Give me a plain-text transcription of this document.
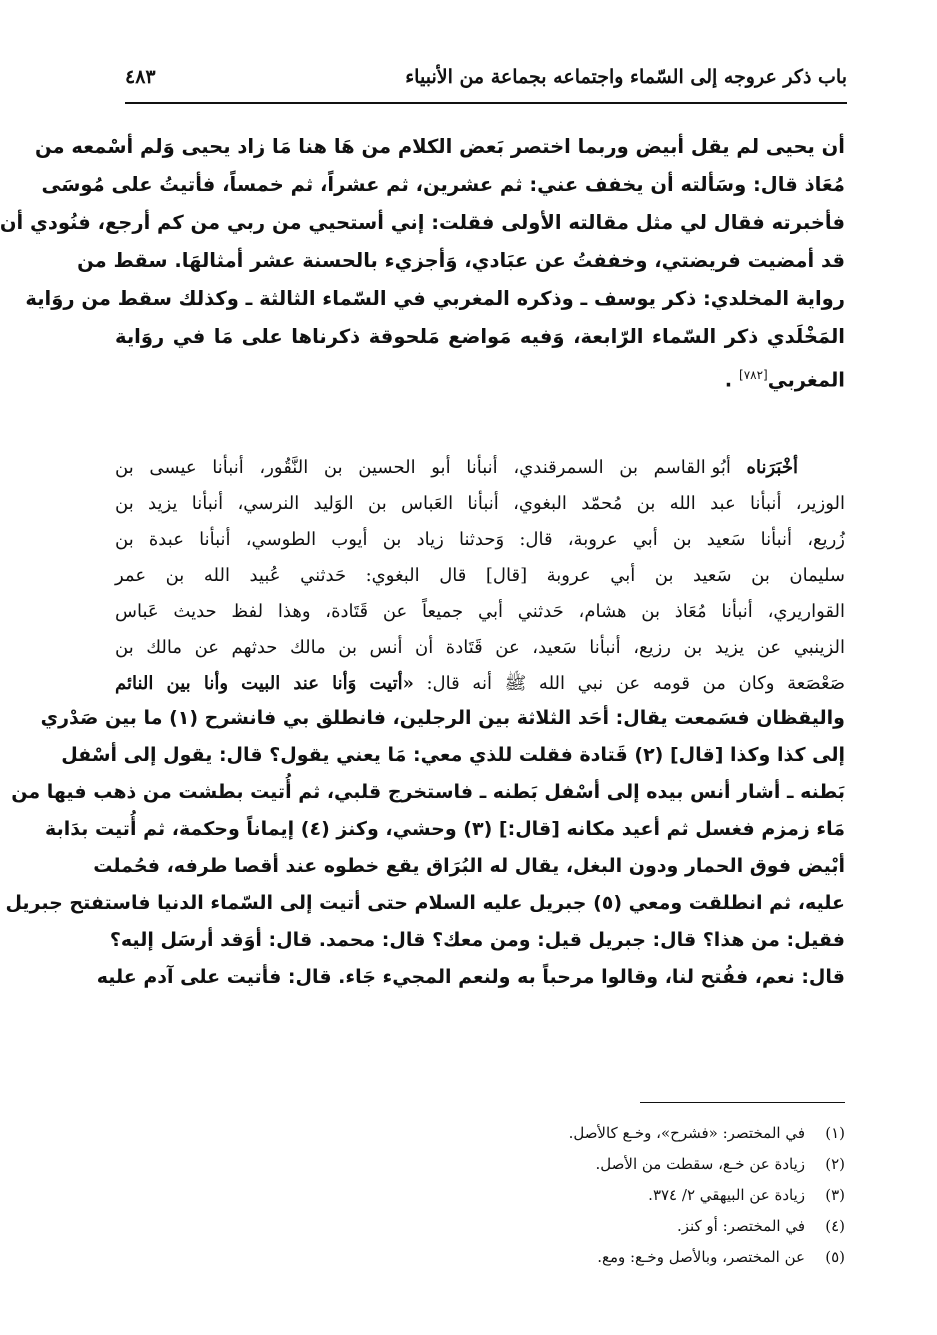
باب ذكر عروجه إلى السّماء واجتماعه بجماعة من الأنبياء
٤٨٣
أن يحيى لم يقل أبيض وربما اختصر بَعض الكلام من هَا هنا مَا زاد يحيى وَلم أسْمعه من
مُعَاذ قال: وسَألته أن يخفف عني: ثم عشرين، ثم عشراً، ثم خمساً، فأتيتُ على مُوسَى
فأخبرته فقال لي مثل مقالته الأولى فقلت: إني أستحيي من ربي من كم أرجع، فنُودي أن
قد أمضيت فريضتي، وخففتُ عن عبَادي، وَأجزيء بالحسنة عشر أمثالهَا. سقط من
رواية المخلدي: ذكر يوسف ـ وذكره المغربي في السّماء الثالثة ـ وكذلك سقط من روَاية
المَخْلَدي ذكر السّماء الرّابعة، وَفيه مَواضع مَلحوقة ذكرناها على مَا في روَاية
المغربي[٧٨٢] .
أخْبَرَناه أبُو القاسم بن السمرقندي، أنبأنا أبو الحسين بن النَّقُور، أنبأنا عيسى بن
الوزير، أنبأنا عبد الله بن مُحمّد البغوي، أنبأنا العَباس بن الوَليد النرسي، أنبأنا يزيد بن
زُريع، أنبأنا سَعيد بن أبي عروبة، قال: وَحدثنا زياد بن أيوب الطوسي، أنبأنا عبدة بن
سليمان بن سَعيد بن أبي عروبة [قال] قال البغوي: حَدثني عُبيد الله بن عمر
القواريري، أنبأنا مُعَاذ بن هشام، حَدثني أبي جميعاً عن قَتَادة، وهذا لفظ حديث عَباس
الزينبي عن يزيد بن رزيع، أنبأنا سَعيد، عن قَتَادة أن أنس بن مالك حدثهم عن مالك بن
صَعْصَعة وكان من قومه عن نبي الله ﷺ أنه قال: «أتيت وَأنا عند البيت وأنا بين النائم
واليقظان فسَمعت يقال: أحَد الثلاثة بين الرجلين، فانطلق بي فانشرح (١) ما بين صَدْري
إلى كذا وكذا [قال] (٢) قَتادة فقلت للذي معي: مَا يعني يقول؟ قال: يقول إلى أسْفل
بَطنه ـ أشار أنس بيده إلى أسْفل بَطنه ـ فاستخرج قلبي، ثم أُتيت بطشت من ذهب فيها من
مَاء زمزم فغسل ثم أعيد مكانه [قال:] (٣) وحشي، وكنز (٤) إيماناً وحكمة، ثم أُتيت بدَابة
أبْيض فوق الحمار ودون البغل، يقال له البُرَاق يقع خطوه عند أقصا طرفه، فحُملت
عليه، ثم انطلقت ومعي (٥) جبريل عليه السلام حتى أتيت إلى السّماء الدنيا فاستفتح جبريل
فقيل: من هذا؟ قال: جبريل قيل: ومن معك؟ قال: محمد. قال: أوَقد أرسَل إليه؟
قال: نعم، ففُتح لنا، وقالوا مرحباً به ولنعم المجيء جَاء. قال: فأتيت على آدم عليه
(١)في المختصر: «فشرح»، وخـع كالأصل.
(٢)زيادة عن خـع، سقطت من الأصل.
(٣)زيادة عن البيهقي ٢/ ٣٧٤.
(٤)في المختصر: أو كنز.
(٥)عن المختصر، وبالأصل وخـع: ومع.
